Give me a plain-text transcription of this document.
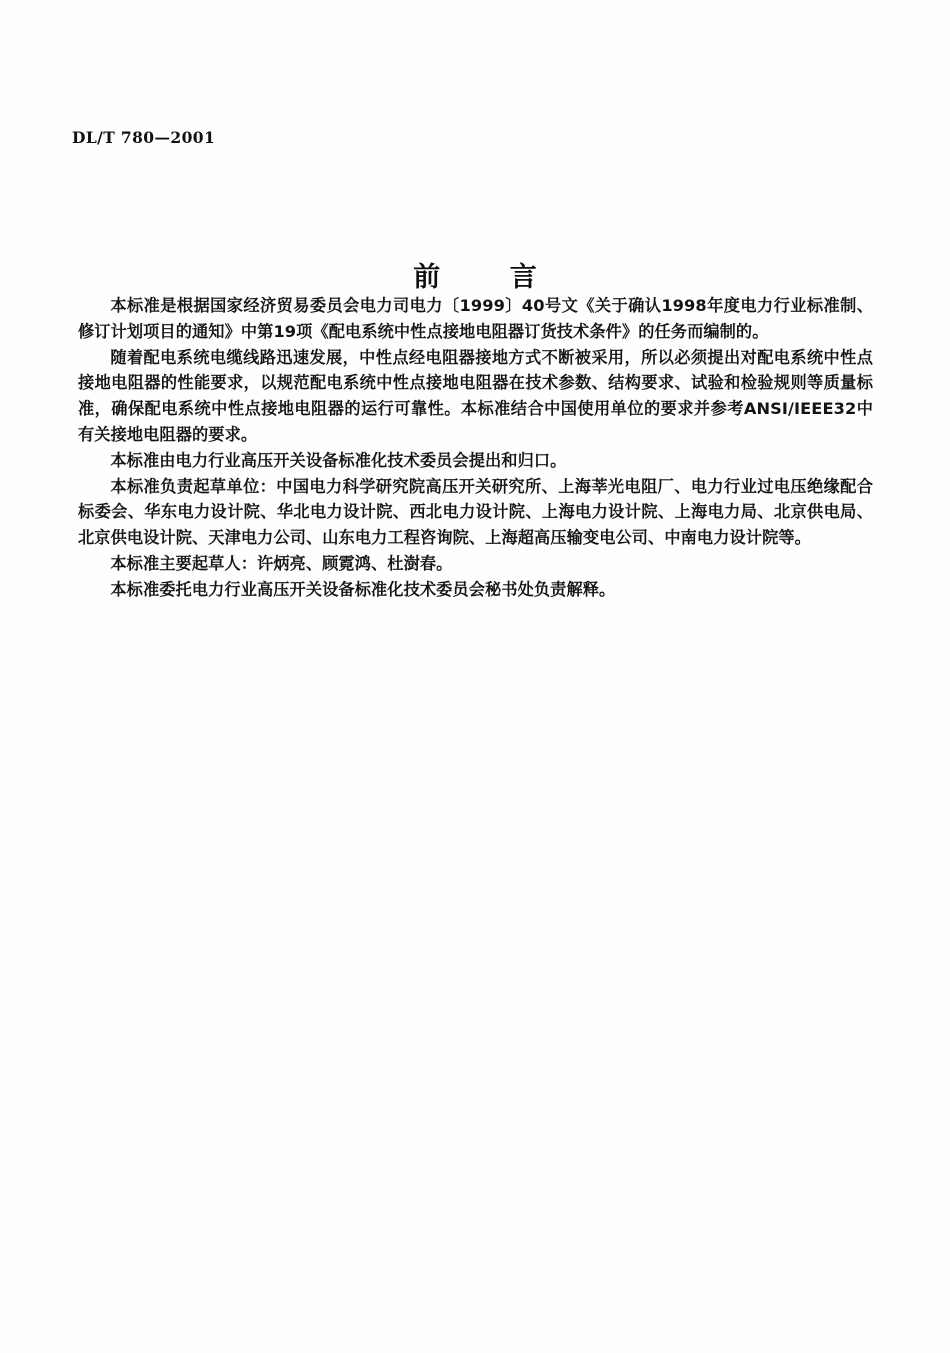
DL/T 780—2001
前 言

本标准是根据国家经济贸易委员会电力司电力〔1999〕40号文《关于确认1998年度电力行业标准制、修订计划项目的通知》中第19项《配电系统中性点接地电阻器订货技术条件》的任务而编制的。

随着配电系统电缆线路迅速发展，中性点经电阻器接地方式不断被采用，所以必须提出对配电系统中性点接地电阻器的性能要求，以规范配电系统中性点接地电阻器在技术参数、结构要求、试验和检验规则等质量标准，确保配电系统中性点接地电阻器的运行可靠性。本标准结合中国使用单位的要求并参考ANSI/IEEE32中有关接地电阻器的要求。

本标准由电力行业高压开关设备标准化技术委员会提出和归口。

本标准负责起草单位：中国电力科学研究院高压开关研究所、上海莘光电阻厂、电力行业过电压绝缘配合标委会、华东电力设计院、华北电力设计院、西北电力设计院、上海电力设计院、上海电力局、北京供电局、北京供电设计院、天津电力公司、山东电力工程咨询院、上海超高压输变电公司、中南电力设计院等。

本标准主要起草人：许炳亮、顾霓鸿、杜澍春。

本标准委托电力行业高压开关设备标准化技术委员会秘书处负责解释。
